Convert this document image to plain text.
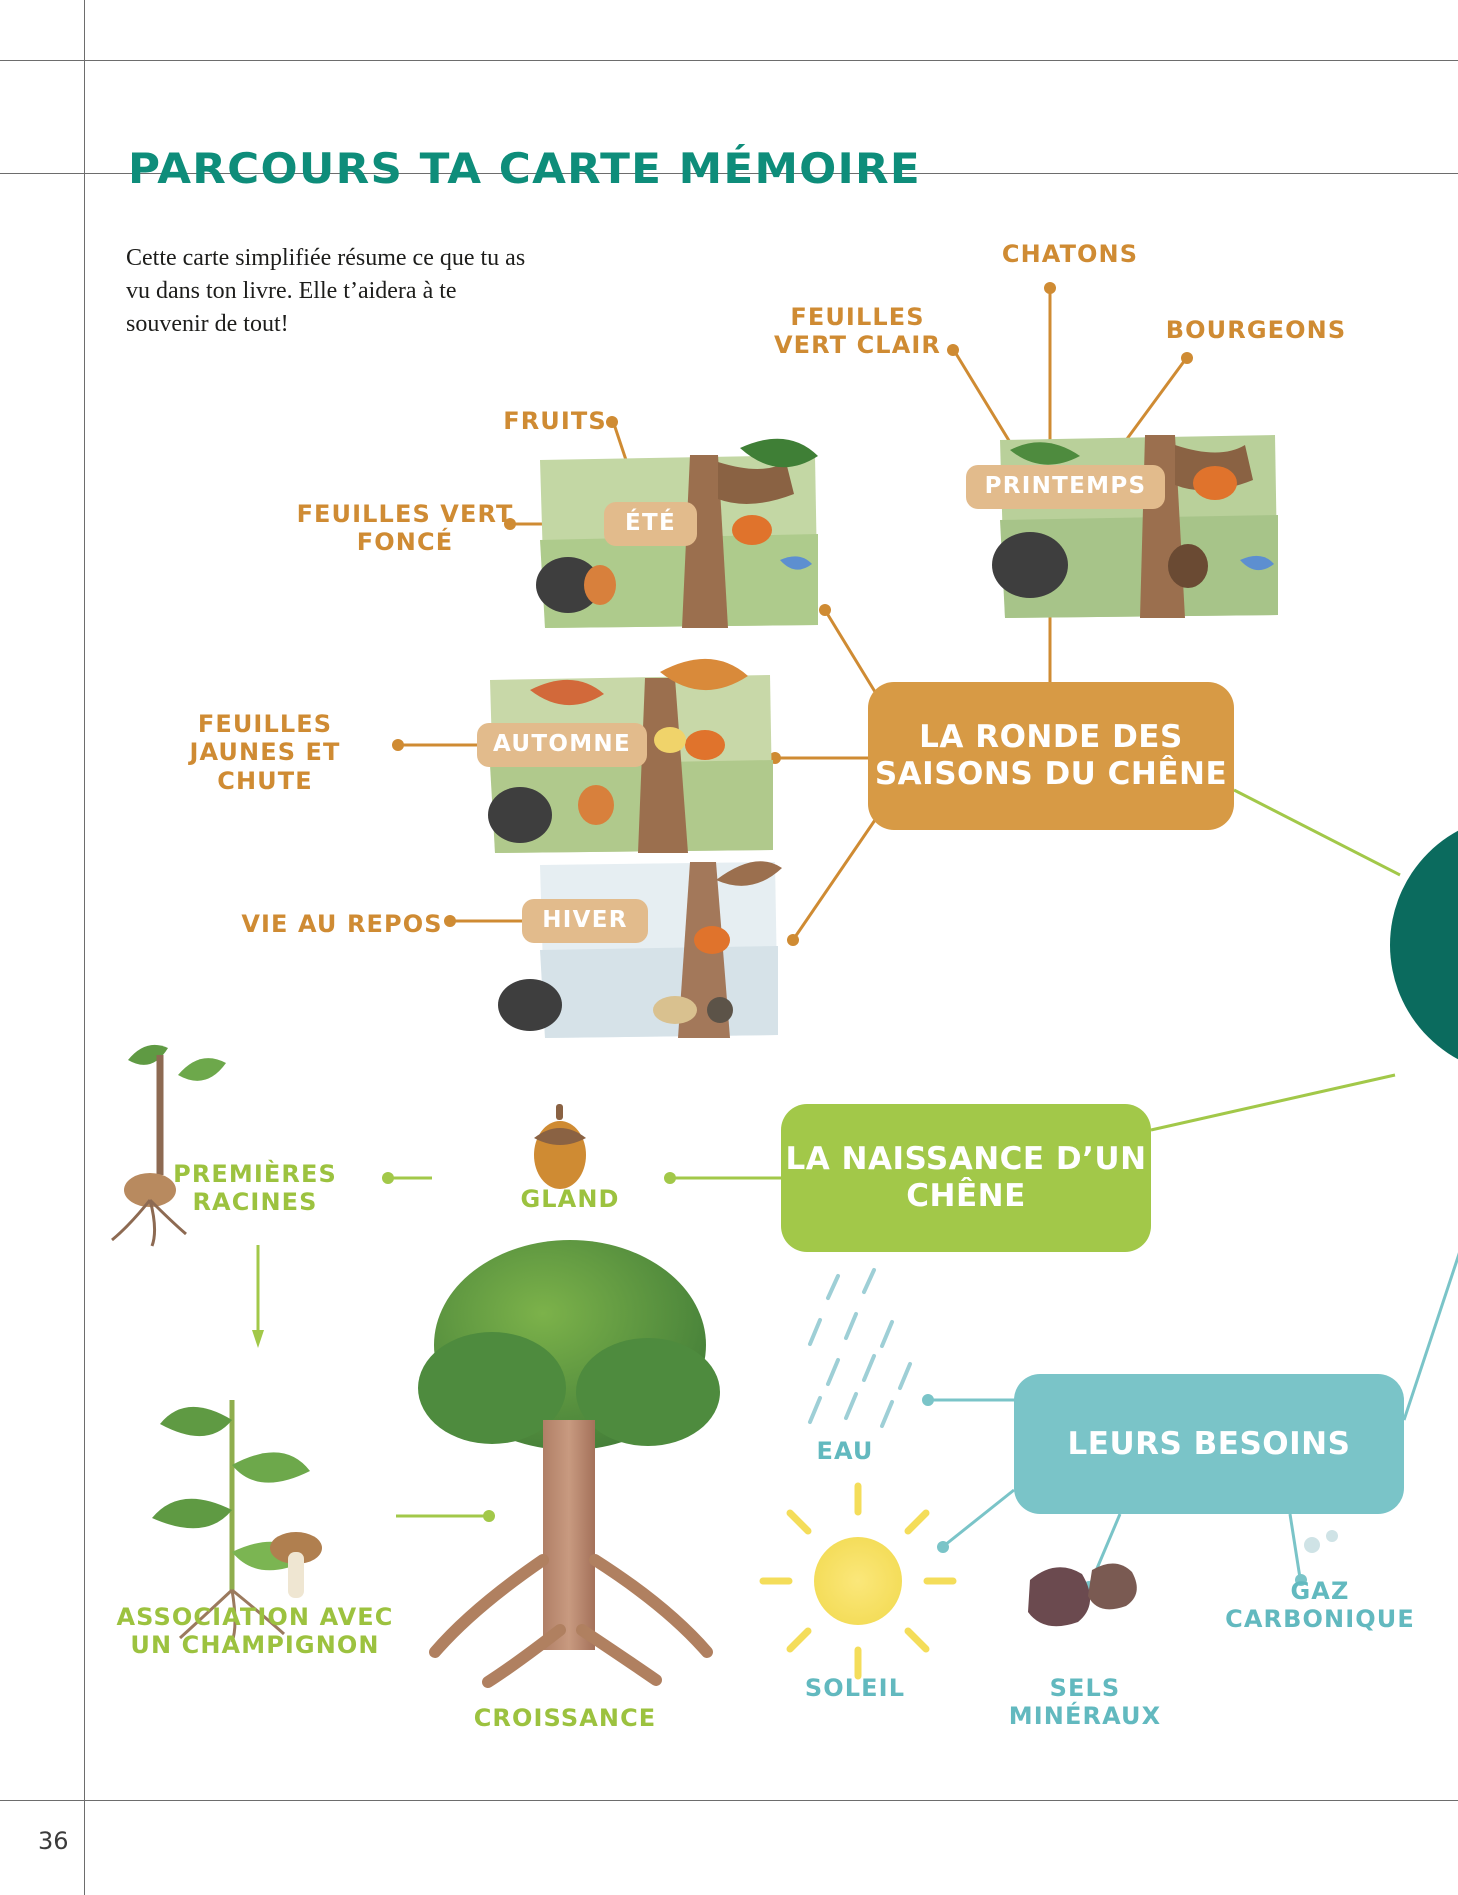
36
PARCOURS TA CARTE MÉMOIRE

Cette carte simplifiée résume ce que tu as vu dans ton livre. Elle t’aidera à te souvenir de tout!

LA RONDE DES SAISONS DU CHÊNE
LA NAISSANCE D’UN CHÊNE
LEURS BESOINS
PRINTEMPS
ÉTÉ
AUTOMNE
HIVER
CHATONS
FEUILLES VERT CLAIR
BOURGEONS
FRUITS
FEUILLES VERT FONCÉ
FEUILLES JAUNES ET CHUTE
VIE AU REPOS
PREMIÈRES RACINES	GLAND
ASSOCIATION AVEC UN CHAMPIGNON
CROISSANCE
EAU
SOLEIL	SELS MINÉRAUX
GAZ CARBONIQUE
